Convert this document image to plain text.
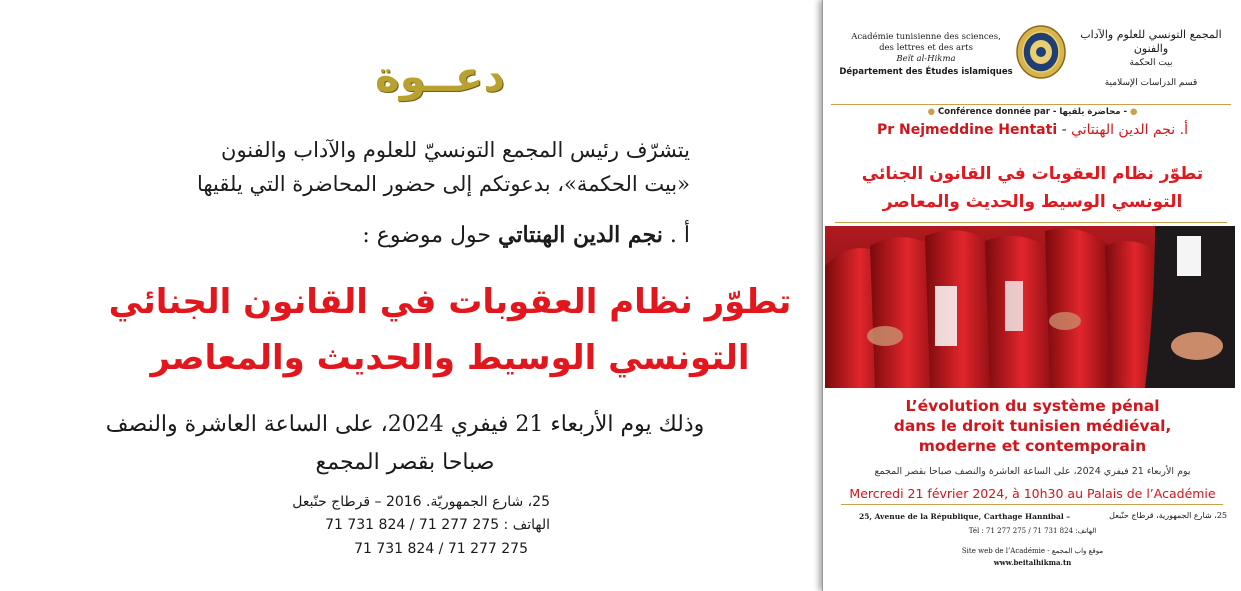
دعــوة
يتشرّف رئيس المجمع التونسيّ للعلوم والآداب والفنون
«بيت الحكمة»، بدعوتكم إلى حضور المحاضرة التي يلقيها
أ . نجم الدين الهنتاتي حول موضوع :
تطوّر نظام العقوبات في القانون الجنائي
التونسي الوسيط والحديث والمعاصر
وذلك يوم الأربعاء 21 فيفري 2024، على الساعة العاشرة والنصف
صباحا بقصر المجمع
25، شارع الجمهوريّة. 2016 – قرطاج حنّبعل
الهاتف : 275 277 71 / 824 731 71
71 731 824 / 71 277 275
Académie tunisienne des sciences,
des lettres et des arts
Beït al-Hikma
Département des Études islamiques
المجمع التونسي للعلوم والآداب والفنون
بيت الحكمة
قسم الدراسات الإسلامية
● Conférence donnée par - محاضرة يلقيها - ●
Pr Nejmeddine Hentati - أ. نجم الدين الهنتاتي
تطوّر نظام العقوبات في القانون الجنائي
التونسي الوسيط والحديث والمعاصر
L’évolution du système pénal
dans le droit tunisien médiéval,
moderne et contemporain
يوم الأربعاء 21 فيفري 2024، على الساعة العاشرة والنصف صباحا بقصر المجمع
Mercredi 21 février 2024, à 10h30 au Palais de l’Académie
25, Avenue de la République, Carthage Hannibal –	25، شارع الجمهورية، قرطاج حنّبعل
Tél : 71 277 275 / 71 731 824 :الهاتف
Site web de l’Académie - موقع واب المجمع
www.beitalhikma.tn
